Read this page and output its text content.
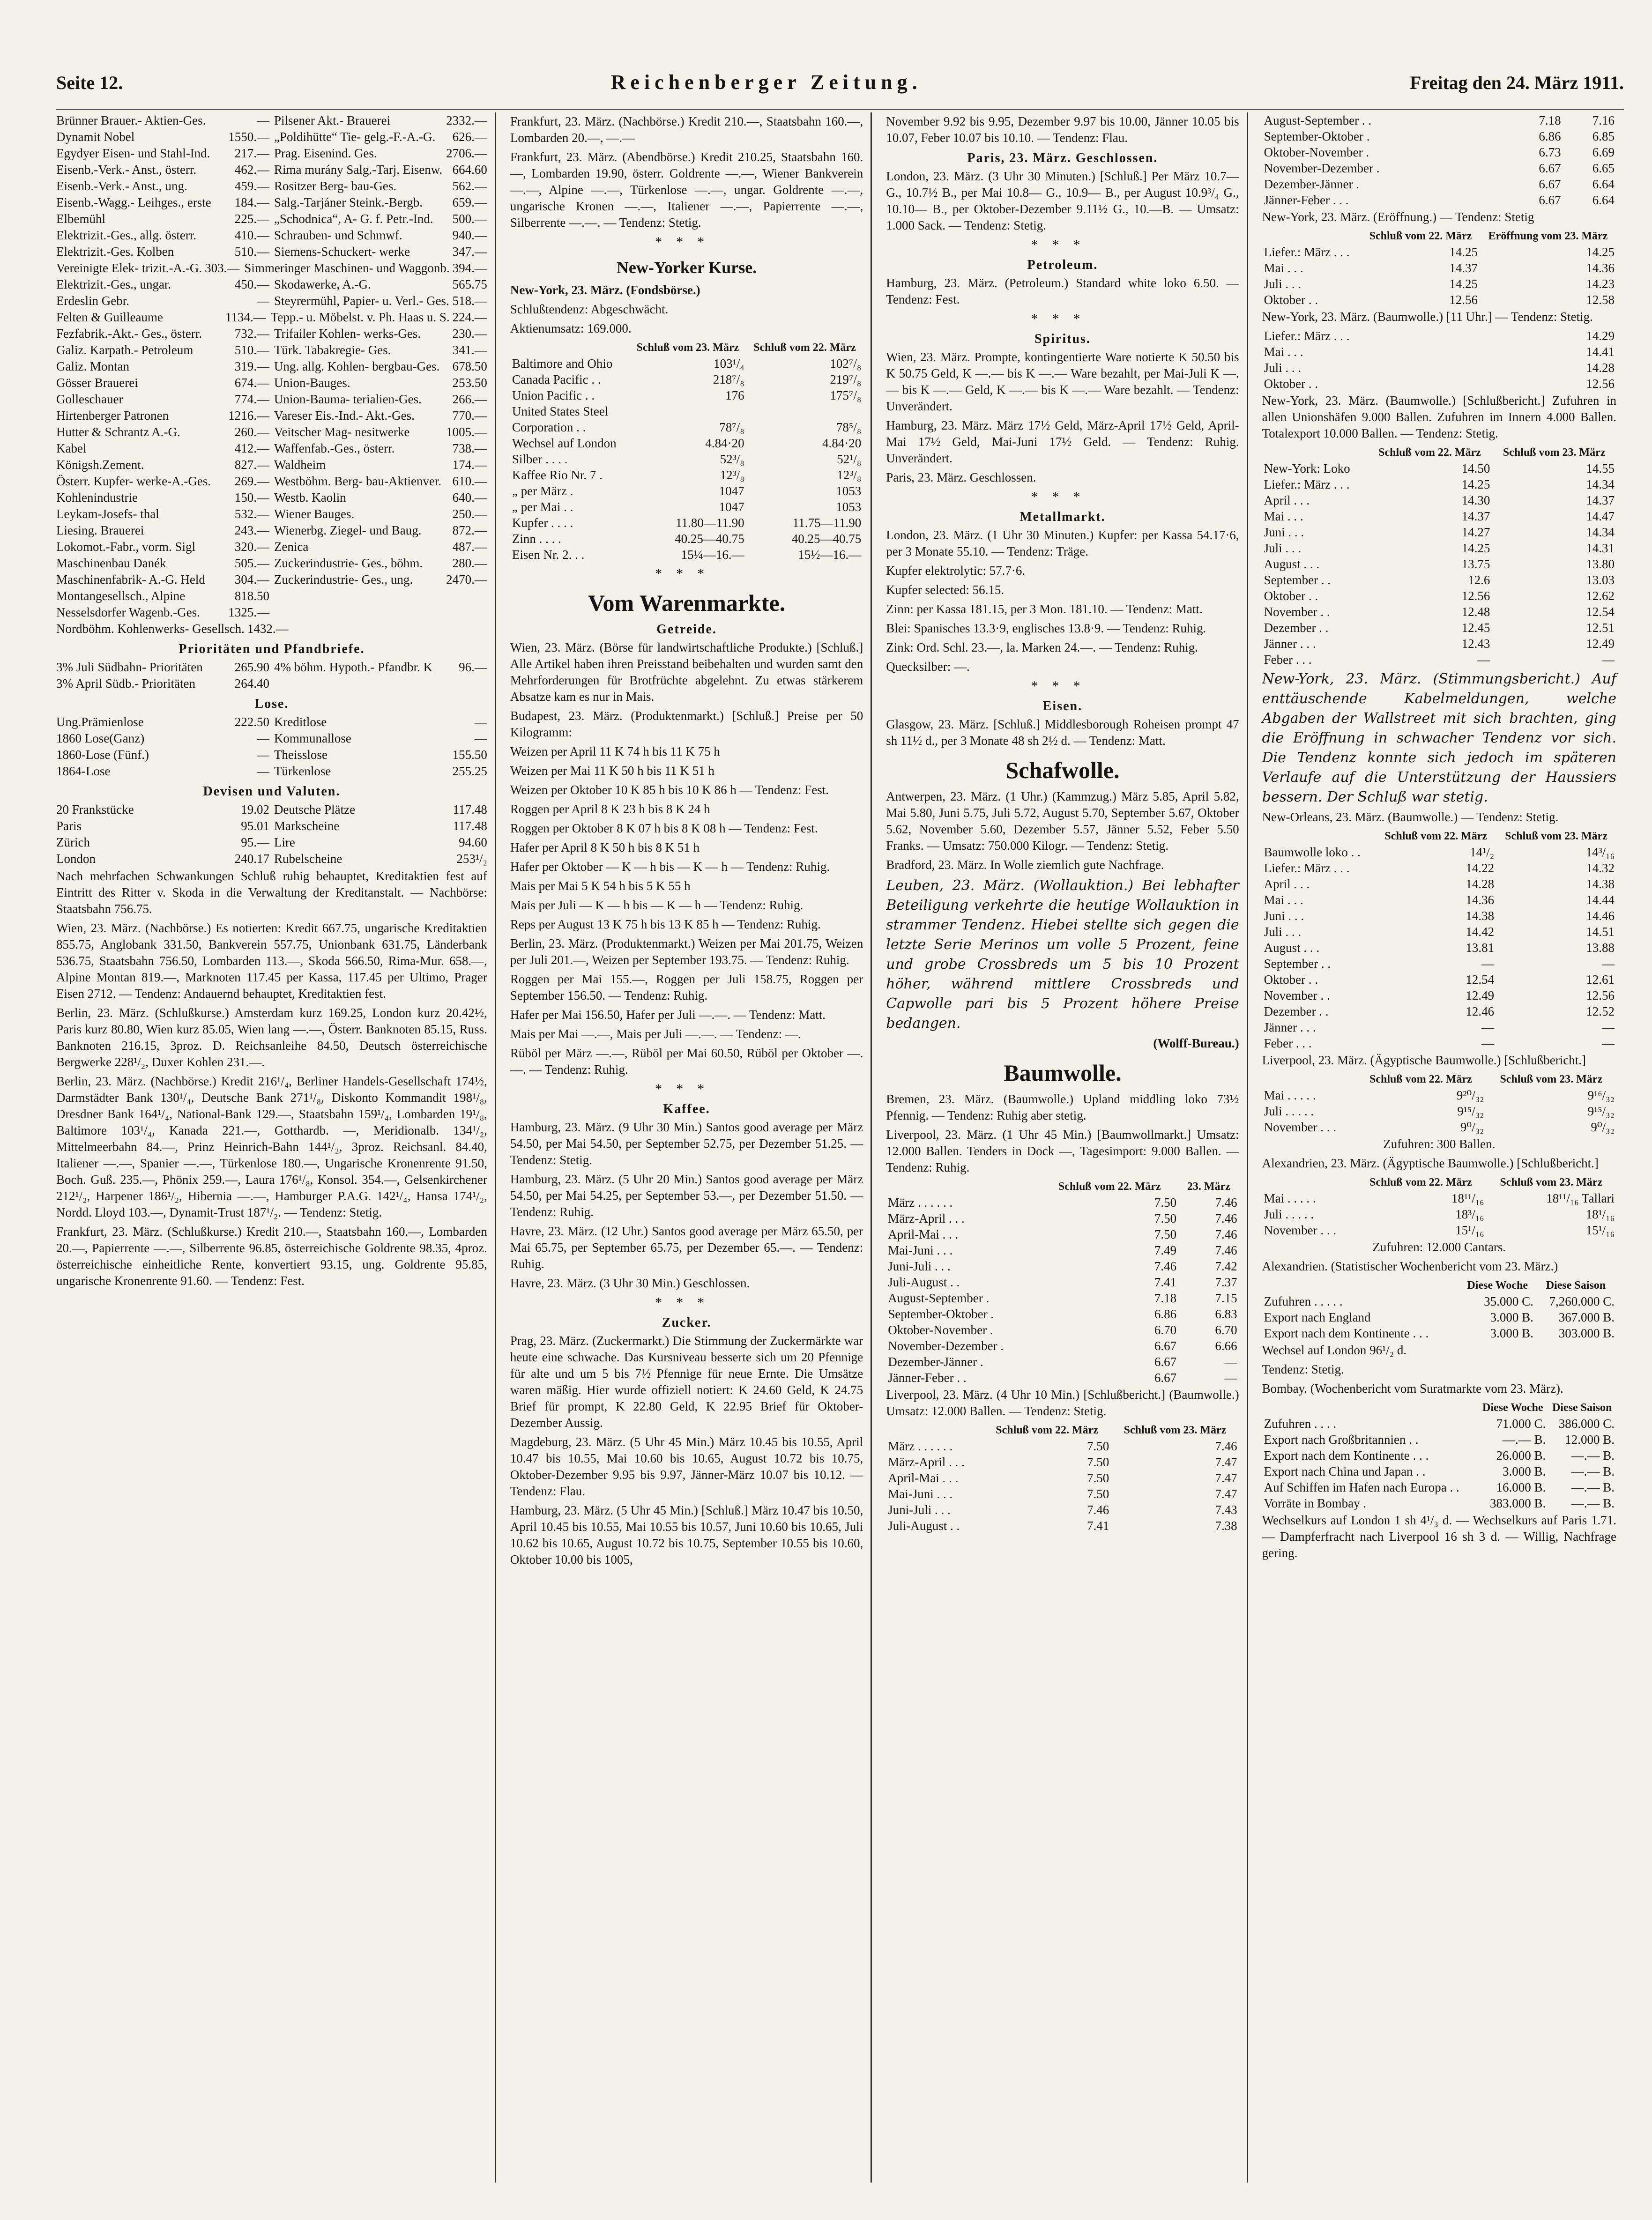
Seite 12.	Reichenberger Zeitung.	Freitag den 24. März 1911.
Brünner Brauer.- Aktien-Ges.	— Pilsener Akt.- Brauerei	2332.—
Dynamit Nobel	1550.— „Poldihütte“ Tie- gelg.-F.-A.-G.	626.—
Egydyer Eisen- und Stahl-Ind.	217.— Prag. Eisenind. Ges.	2706.—
Eisenb.-Verk.- Anst., österr.	462.— Rima murány Salg.-Tarj. Eisenw. 664.60
Eisenb.-Verk.- Anst., ung.	459.— Rositzer Berg- bau-Ges.	562.—
Eisenb.-Wagg.- Leihges., erste	184.— Salg.-Tarjáner Steink.-Bergb.	659.—
Elbemühl	225.— „Schodnica“, A- G. f. Petr.-Ind.	500.—
Elektrizit.-Ges., allg. österr.	410.— Schrauben- und Schmwf.	940.—
Elektrizit.-Ges. Kolben	510.— Siemens-Schuckert- werke	347.—
Vereinigte Elek- trizit.-A.-G. 303.— Simmeringer Maschinen- und Waggonb. 394.—
Elektrizit.-Ges., ungar.	450.— Skodawerke, A.-G.	565.75
Erdeslin Gebr.	— Steyrermühl, Papier- u. Verl.- Ges. 518.—
Felten & Guilleaume	1134.— Tepp.- u. Möbelst. v. Ph. Haas u. S. 224.—
Fezfabrik.-Akt.- Ges., österr.	732.— Trifailer Kohlen- werks-Ges.	230.—
Galiz. Karpath.- Petroleum	510.— Türk. Tabakregie- Ges.	341.—
Galiz. Montan	319.— Ung. allg. Kohlen- bergbau-Ges.	678.50
Gösser Brauerei	674.— Union-Bauges.	253.50
Golleschauer	774.— Union-Bauma- terialien-Ges.	266.—
Hirtenberger Patronen	1216.— Vareser Eis.-Ind.- Akt.-Ges.	770.—
Hutter & Schrantz A.-G.	260.— Veitscher Mag- nesitwerke	1005.—
Kabel	412.— Waffenfab.-Ges., österr.	738.—
Königsh.Zement.	827.— Waldheim	174.—
Österr. Kupfer- werke-A.-Ges.	269.— Westböhm. Berg- bau-Aktienver. 610.—
Kohlenindustrie	150.— Westb. Kaolin	640.—
Leykam-Josefs- thal	532.— Wiener Bauges.	250.—
Liesing. Brauerei	243.— Wienerbg. Ziegel- und Baug.	872.—
Lokomot.-Fabr., vorm. Sigl	320.— Zenica	487.—
Maschinenbau Danék	505.— Zuckerindustrie- Ges., böhm.	280.—
Maschinenfabrik- A.-G. Held	304.— Zuckerindustrie- Ges., ung.	2470.—
Montangesellsch., Alpine	818.50
Nesselsdorfer Wagenb.-Ges.	1325.—
Nordböhm. Kohlenwerks- Gesellsch. 1432.—
Prioritäten und Pfandbriefe.
3% Juli Südbahn- Prioritäten	265.90 4% böhm. Hypoth.- Pfandbr. K	96.—
3% April Südb.- Prioritäten	264.40
Lose.
Ung.Prämienlose	222.50 Kreditlose	—
1860 Lose(Ganz)	— Kommunallose	—
1860-Lose (Fünf.)	— Theisslose	155.50
1864-Lose	— Türkenlose	255.25
Devisen und Valuten.
20 Frankstücke	19.02 Deutsche Plätze	117.48
Paris	95.01 Markscheine	117.48
Zürich	95.— Lire	94.60
London	240.17 Rubelscheine	253¹/₂
Nach mehrfachen Schwankungen Schluß ruhig behauptet, Kreditaktien fest auf Eintritt des Ritter v. Skoda in die Verwaltung der Kreditanstalt. — Nachbörse: Staatsbahn 756.75.
Wien, 23. März. (Nachbörse.) Es notierten: Kredit 667.75, ungarische Kreditaktien 855.75, Anglobank 331.50, Bankverein 557.75, Unionbank 631.75, Länderbank 536.75, Staatsbahn 756.50, Lombarden 113.—, Skoda 566.50, Rima-Mur. 658.—, Alpine Montan 819.—, Marknoten 117.45 per Kassa, 117.45 per Ultimo, Prager Eisen 2712. — Tendenz: Andauernd behauptet, Kreditaktien fest.
Berlin, 23. März. (Schlußkurse.) Amsterdam kurz 169.25, London kurz 20.42½, Paris kurz 80.80, Wien kurz 85.05, Wien lang —.—, Österr. Banknoten 85.15, Russ. Banknoten 216.15, 3proz. D. Reichsanleihe 84.50, Deutsch österreichische Bergwerke 228¹/₂, Duxer Kohlen 231.—.
Berlin, 23. März. (Nachbörse.) Kredit 216¹/₄, Berliner Handels-Gesellschaft 174½, Darmstädter Bank 130¹/₄, Deutsche Bank 271¹/₈, Diskonto Kommandit 198¹/₈, Dresdner Bank 164¹/₄, National-Bank 129.—, Staatsbahn 159¹/₄, Lombarden 19¹/₈, Baltimore 103¹/₄, Kanada 221.—, Gotthardb. —, Meridionalb. 134¹/₂, Mittelmeerbahn 84.—, Prinz Heinrich-Bahn 144¹/₂, 3proz. Reichsanl. 84.40, Italiener —.—, Spanier —.—, Türkenlose 180.—, Ungarische Kronenrente 91.50, Boch. Guß. 235.—, Phönix 259.—, Laura 176¹/₈, Konsol. 354.—, Gelsenkirchener 212¹/₂, Harpener 186¹/₂, Hibernia —.—, Hamburger P.A.G. 142¹/₄, Hansa 174¹/₂, Nordd. Lloyd 103.—, Dynamit-Trust 187¹/₂. — Tendenz: Stetig.
Frankfurt, 23. März. (Schlußkurse.) Kredit 210.—, Staatsbahn 160.—, Lombarden 20.—, Papierrente —.—, Silberrente 96.85, österreichische Goldrente 98.35, 4proz. österreichische einheitliche Rente, konvertiert 93.15, ung. Goldrente 95.85, ungarische Kronenrente 91.60. — Tendenz: Fest.
Frankfurt, 23. März. (Nachbörse.) Kredit 210.—, Staatsbahn 160.—, Lombarden 20.—, —.—
Frankfurt, 23. März. (Abendbörse.) Kredit 210.25, Staatsbahn 160.—, Lombarden 19.90, österr. Goldrente —.—, Wiener Bankverein —.—, Alpine —.—, Türkenlose —.—, ungar. Goldrente —.—, ungarische Kronen —.—, Italiener —.—, Papierrente —.—, Silberrente —.—. — Tendenz: Stetig.
***
New-Yorker Kurse.
New-York, 23. März. (Fondsbörse.)
Schlußtendenz: Abgeschwächt.
Aktienumsatz: 169.000.
	Schluß vom 23. März	Schluß vom 22. März
Baltimore and Ohio	103¹/₄	102⁷/₈
Canada Pacific . .	218⁷/₈	219⁷/₈
Union Pacific . .	176	175⁷/₈
United States Steel		
Corporation . .	78⁷/₈	78⁵/₈
Wechsel auf London	4.84·20	4.84·20
Silber . . . .	52³/₈	52¹/₈
Kaffee Rio Nr. 7 .	12³/₈	12³/₈
„ per März .	1047	1053
„ per Mai . .	1047	1053
Kupfer . . . .	11.80—11.90	11.75—11.90
Zinn . . . .	40.25—40.75	40.25—40.75
Eisen Nr. 2. . .	15¼—16.—	15½—16.—
***
Vom Warenmarkte.
Getreide.
Wien, 23. März. (Börse für landwirtschaftliche Produkte.) [Schluß.] Alle Artikel haben ihren Preisstand beibehalten und wurden samt den Mehrforderungen für Brotfrüchte abgelehnt. Zu etwas stärkerem Absatze kam es nur in Mais.
Budapest, 23. März. (Produktenmarkt.) [Schluß.] Preise per 50 Kilogramm:
Weizen per April 11 K 74 h bis 11 K 75 h
Weizen per Mai 11 K 50 h bis 11 K 51 h
Weizen per Oktober 10 K 85 h bis 10 K 86 h — Tendenz: Fest.
Roggen per April 8 K 23 h bis 8 K 24 h
Roggen per Oktober 8 K 07 h bis 8 K 08 h — Tendenz: Fest.
Hafer per April 8 K 50 h bis 8 K 51 h
Hafer per Oktober — K — h bis — K — h — Tendenz: Ruhig.
Mais per Mai 5 K 54 h bis 5 K 55 h
Mais per Juli — K — h bis — K — h — Tendenz: Ruhig.
Reps per August 13 K 75 h bis 13 K 85 h — Tendenz: Ruhig.
Berlin, 23. März. (Produktenmarkt.) Weizen per Mai 201.75, Weizen per Juli 201.—, Weizen per September 193.75. — Tendenz: Ruhig.
Roggen per Mai 155.—, Roggen per Juli 158.75, Roggen per September 156.50. — Tendenz: Ruhig.
Hafer per Mai 156.50, Hafer per Juli —.—. — Tendenz: Matt.
Mais per Mai —.—, Mais per Juli —.—. — Tendenz: —.
Rüböl per März —.—, Rüböl per Mai 60.50, Rüböl per Oktober —.—. — Tendenz: Ruhig.
***
Kaffee.
Hamburg, 23. März. (9 Uhr 30 Min.) Santos good average per März 54.50, per Mai 54.50, per September 52.75, per Dezember 51.25. — Tendenz: Stetig.
Hamburg, 23. März. (5 Uhr 20 Min.) Santos good average per März 54.50, per Mai 54.25, per September 53.—, per Dezember 51.50. — Tendenz: Ruhig.
Havre, 23. März. (12 Uhr.) Santos good average per März 65.50, per Mai 65.75, per September 65.75, per Dezember 65.—. — Tendenz: Ruhig.
Havre, 23. März. (3 Uhr 30 Min.) Geschlossen.
***
Zucker.
Prag, 23. März. (Zuckermarkt.) Die Stimmung der Zuckermärkte war heute eine schwache. Das Kursniveau besserte sich um 20 Pfennige für alte und um 5 bis 7½ Pfennige für neue Ernte. Die Umsätze waren mäßig. Hier wurde offiziell notiert: K 24.60 Geld, K 24.75 Brief für prompt, K 22.80 Geld, K 22.95 Brief für Oktober-Dezember Aussig.
Magdeburg, 23. März. (5 Uhr 45 Min.) März 10.45 bis 10.55, April 10.47 bis 10.55, Mai 10.60 bis 10.65, August 10.72 bis 10.75, Oktober-Dezember 9.95 bis 9.97, Jänner-März 10.07 bis 10.12. — Tendenz: Flau.
Hamburg, 23. März. (5 Uhr 45 Min.) [Schluß.] März 10.47 bis 10.50, April 10.45 bis 10.55, Mai 10.55 bis 10.57, Juni 10.60 bis 10.65, Juli 10.62 bis 10.65, August 10.72 bis 10.75, September 10.55 bis 10.60, Oktober 10.00 bis 1005,
November 9.92 bis 9.95, Dezember 9.97 bis 10.00, Jänner 10.05 bis 10.07, Feber 10.07 bis 10.10. — Tendenz: Flau.
Paris, 23. März. Geschlossen.
London, 23. März. (3 Uhr 30 Minuten.) [Schluß.] Per März 10.7— G., 10.7½ B., per Mai 10.8— G., 10.9— B., per August 10.9³/₄ G., 10.10— B., per Oktober-Dezember 9.11½ G., 10.—B. — Umsatz: 1.000 Sack. — Tendenz: Stetig.
***
Petroleum.
Hamburg, 23. März. (Petroleum.) Standard white loko 6.50. — Tendenz: Fest.
***
Spiritus.
Wien, 23. März. Prompte, kontingentierte Ware notierte K 50.50 bis K 50.75 Geld, K —.— bis K —.— Ware bezahlt, per Mai-Juli K —.— bis K —.— Geld, K —.— bis K —.— Ware bezahlt. — Tendenz: Unverändert.
Hamburg, 23. März. März 17½ Geld, März-April 17½ Geld, April-Mai 17½ Geld, Mai-Juni 17½ Geld. — Tendenz: Ruhig. Unverändert.
Paris, 23. März. Geschlossen.
***
Metallmarkt.
London, 23. März. (1 Uhr 30 Minuten.) Kupfer: per Kassa 54.17·6, per 3 Monate 55.10. — Tendenz: Träge.
Kupfer elektrolytic: 57.7·6.
Kupfer selected: 56.15.
Zinn: per Kassa 181.15, per 3 Mon. 181.10. — Tendenz: Matt.
Blei: Spanisches 13.3·9, englisches 13.8·9. — Tendenz: Ruhig.
Zink: Ord. Schl. 23.—, la. Marken 24.—. — Tendenz: Ruhig.
Quecksilber: —.
***
Eisen.
Glasgow, 23. März. [Schluß.] Middlesborough Roheisen prompt 47 sh 11½ d., per 3 Monate 48 sh 2½ d. — Tendenz: Matt.
Schafwolle.
Antwerpen, 23. März. (1 Uhr.) (Kammzug.) März 5.85, April 5.82, Mai 5.80, Juni 5.75, Juli 5.72, August 5.70, September 5.67, Oktober 5.62, November 5.60, Dezember 5.57, Jänner 5.52, Feber 5.50 Franks. — Umsatz: 750.000 Kilogr. — Tendenz: Stetig.
Bradford, 23. März. In Wolle ziemlich gute Nachfrage.
Leuben, 23. März. (Wollauktion.) Bei lebhafter Beteiligung verkehrte die heutige Wollauktion in strammer Tendenz. Hiebei stellte sich gegen die letzte Serie Merinos um volle 5 Prozent, feine und grobe Crossbreds um 5 bis 10 Prozent höher, während mittlere Crossbreds und Capwolle pari bis 5 Prozent höhere Preise bedangen.
(Wolff-Bureau.)
Baumwolle.
Bremen, 23. März. (Baumwolle.) Upland middling loko 73½ Pfennig. — Tendenz: Ruhig aber stetig.
Liverpool, 23. März. (1 Uhr 45 Min.) [Baumwollmarkt.] Umsatz: 12.000 Ballen. Tenders in Dock —, Tagesimport: 9.000 Ballen. — Tendenz: Ruhig.
	Schluß vom 22. März	23. März
März . . . . . .	7.50	7.46
März-April . . .	7.50	7.46
April-Mai . . .	7.50	7.46
Mai-Juni . . .	7.49	7.46
Juni-Juli . . .	7.46	7.42
Juli-August . .	7.41	7.37
August-September .	7.18	7.15
September-Oktober .	6.86	6.83
Oktober-November .	6.70	6.70
November-Dezember .	6.67	6.66
Dezember-Jänner .	6.67	—
Jänner-Feber . .	6.67	—
Liverpool, 23. März. (4 Uhr 10 Min.) [Schlußbericht.] (Baumwolle.) Umsatz: 12.000 Ballen. — Tendenz: Stetig.
	Schluß vom 22. März	Schluß vom 23. März
März . . . . . .	7.50	7.46
März-April . . .	7.50	7.47
April-Mai . . .	7.50	7.47
Mai-Juni . . .	7.50	7.47
Juni-Juli . . .	7.46	7.43
Juli-August . .	7.41	7.38
August-September . .	7.18	7.16
September-Oktober .	6.86	6.85
Oktober-November .	6.73	6.69
November-Dezember .	6.67	6.65
Dezember-Jänner .	6.67	6.64
Jänner-Feber . . .	6.67	6.64
New-York, 23. März. (Eröffnung.) — Tendenz: Stetig
	Schluß vom 22. März	Eröffnung vom 23. März
Liefer.: März . . .	14.25	14.25
Mai . . .	14.37	14.36
Juli . . .	14.25	14.23
Oktober . .	12.56	12.58
New-York, 23. März. (Baumwolle.) [11 Uhr.] — Tendenz: Stetig.
Liefer.: März . . .		14.29
Mai . . .		14.41
Juli . . .		14.28
Oktober . .		12.56
New-York, 23. März. (Baumwolle.) [Schlußbericht.] Zufuhren in allen Unionshäfen 9.000 Ballen. Zufuhren im Innern 4.000 Ballen. Totalexport 10.000 Ballen. — Tendenz: Stetig.
	Schluß vom 22. März	Schluß vom 23. März
New-York: Loko	14.50	14.55
Liefer.: März . . .	14.25	14.34
April . . .	14.30	14.37
Mai . . .	14.37	14.47
Juni . . .	14.27	14.34
Juli . . .	14.25	14.31
August . . .	13.75	13.80
September . .	12.6	13.03
Oktober . .	12.56	12.62
November . .	12.48	12.54
Dezember . .	12.45	12.51
Jänner . . .	12.43	12.49
Feber . . .	—	—
New-York, 23. März. (Stimmungsbericht.) Auf enttäuschende Kabelmeldungen, welche Abgaben der Wallstreet mit sich brachten, ging die Eröffnung in schwacher Tendenz vor sich. Die Tendenz konnte sich jedoch im späteren Verlaufe auf die Unterstützung der Haussiers bessern. Der Schluß war stetig.
New-Orleans, 23. März. (Baumwolle.) — Tendenz: Stetig.
	Schluß vom 22. März	Schluß vom 23. März
Baumwolle loko . .	14¹/₂	14³/₁₆
Liefer.: März . . .	14.22	14.32
April . . .	14.28	14.38
Mai . . .	14.36	14.44
Juni . . .	14.38	14.46
Juli . . .	14.42	14.51
August . . .	13.81	13.88
September . .	—	—
Oktober . .	12.54	12.61
November . .	12.49	12.56
Dezember . .	12.46	12.52
Jänner . . .	—	—
Feber . . .	—	—
Liverpool, 23. März. (Ägyptische Baumwolle.) [Schlußbericht.]
	Schluß vom 22. März	Schluß vom 23. März
Mai . . . . .	9²⁰/₃₂	9¹⁶/₃₂
Juli . . . . .	9¹⁵/₃₂	9¹⁵/₃₂
November . . .	9⁰/₃₂	9⁰/₃₂
Zufuhren: 300 Ballen.
Alexandrien, 23. März. (Ägyptische Baumwolle.) [Schlußbericht.]
	Schluß vom 22. März	Schluß vom 23. März
Mai . . . . .	18¹¹/₁₆	18¹¹/₁₆ Tallari
Juli . . . . .	18³/₁₆	18¹/₁₆
November . . .	15¹/₁₆	15¹/₁₆
Zufuhren: 12.000 Cantars.
Alexandrien. (Statistischer Wochenbericht vom 23. März.)
	Diese Woche	Diese Saison
Zufuhren . . . . .	35.000 C.	7,260.000 C.
Export nach England	3.000 B.	367.000 B.
Export nach dem Kontinente . . .	3.000 B.	303.000 B.
Wechsel auf London 96¹/₂ d.
Tendenz: Stetig.
Bombay. (Wochenbericht vom Suratmarkte vom 23. März).
	Diese Woche	Diese Saison
Zufuhren . . . .	71.000 C.	386.000 C.
Export nach Großbritannien . .	—.— B.	12.000 B.
Export nach dem Kontinente . . .	26.000 B.	—.— B.
Export nach China und Japan . .	3.000 B.	—.— B.
Auf Schiffen im Hafen nach Europa . .	16.000 B.	—.— B.
Vorräte in Bombay .	383.000 B.	—.— B.
Wechselkurs auf London 1 sh 4¹/₃ d. — Wechselkurs auf Paris 1.71. — Dampferfracht nach Liverpool 16 sh 3 d. — Willig, Nachfrage gering.
